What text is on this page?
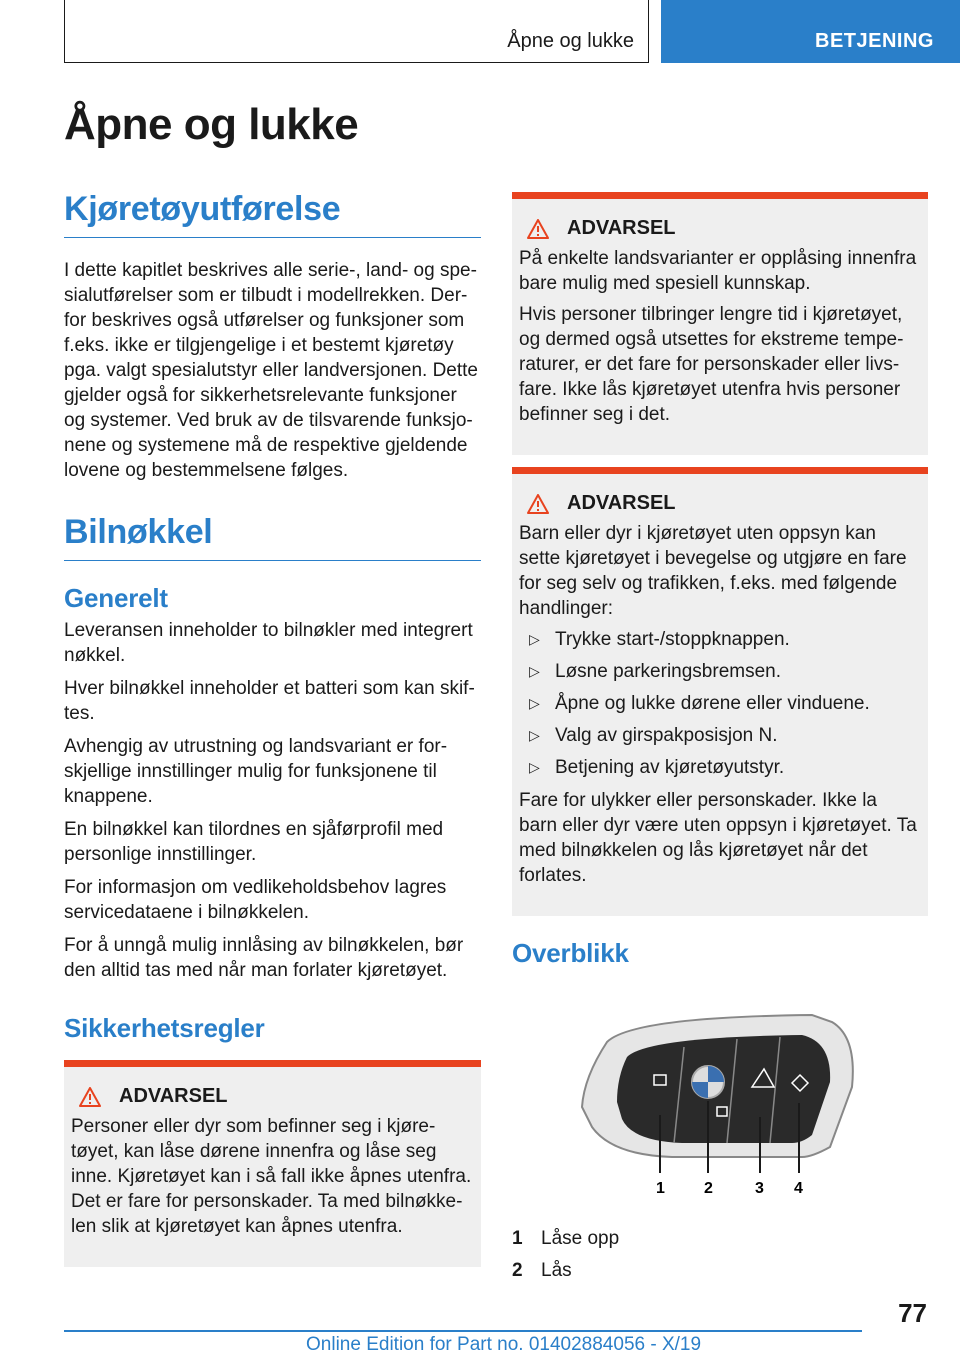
Åpne og lukke	BETJENING
Åpne og lukke
Kjøretøyutførelse

I dette kapitlet beskrives alle serie-, land- og spe-sialutførelser som er tilbudt i modellrekken. Der-for beskrives også utførelser og funksjoner som f.eks. ikke er tilgjengelige i et bestemt kjøretøy pga. valgt spesialutstyr eller landversjonen. Dette gjelder også for sikkerhetsrelevante funksjoner og systemer. Ved bruk av de tilsvarende funksjo-nene og systemene må de respektive gjeldende lovene og bestemmelsene følges.

Bilnøkkel
Generelt

Leveransen inneholder to bilnøkler med integrert nøkkel.

Hver bilnøkkel inneholder et batteri som kan skif-tes.

Avhengig av utrustning og landsvariant er for-skjellige innstillinger mulig for funksjonene til knappene.

En bilnøkkel kan tilordnes en sjåførprofil med personlige innstillinger.

For informasjon om vedlikeholdsbehov lagres servicedataene i bilnøkkelen.

For å unngå mulig innlåsing av bilnøkkelen, bør den alltid tas med når man forlater kjøretøyet.

Sikkerhetsregler
ADVARSEL

Personer eller dyr som befinner seg i kjøre-tøyet, kan låse dørene innenfra og låse seg inne. Kjøretøyet kan i så fall ikke åpnes utenfra. Det er fare for personskader. Ta med bilnøkke-len slik at kjøretøyet kan åpnes utenfra.

ADVARSEL

På enkelte landsvarianter er opplåsing innenfra bare mulig med spesiell kunnskap.

Hvis personer tilbringer lengre tid i kjøretøyet, og dermed også utsettes for ekstreme tempe-raturer, er det fare for personskader eller livs-fare. Ikke lås kjøretøyet utenfra hvis personer befinner seg i det.

ADVARSEL

Barn eller dyr i kjøretøyet uten oppsyn kan sette kjøretøyet i bevegelse og utgjøre en fare for seg selv og trafikken, f.eks. med følgende handlinger:

▷ Trykke start-/stoppknappen.
▷ Løsne parkeringsbremsen.
▷ Åpne og lukke dørene eller vinduene.
▷ Valg av girspakposisjon N.
▷ Betjening av kjøretøyutstyr.

Fare for ulykker eller personskader. Ikke la barn eller dyr være uten oppsyn i kjøretøyet. Ta med bilnøkkelen og lås kjøretøyet når det forlates.

Overblikk
1 2	3 4
1 Låse opp
2 Lås
77
Online Edition for Part no. 01402884056 - X/19
